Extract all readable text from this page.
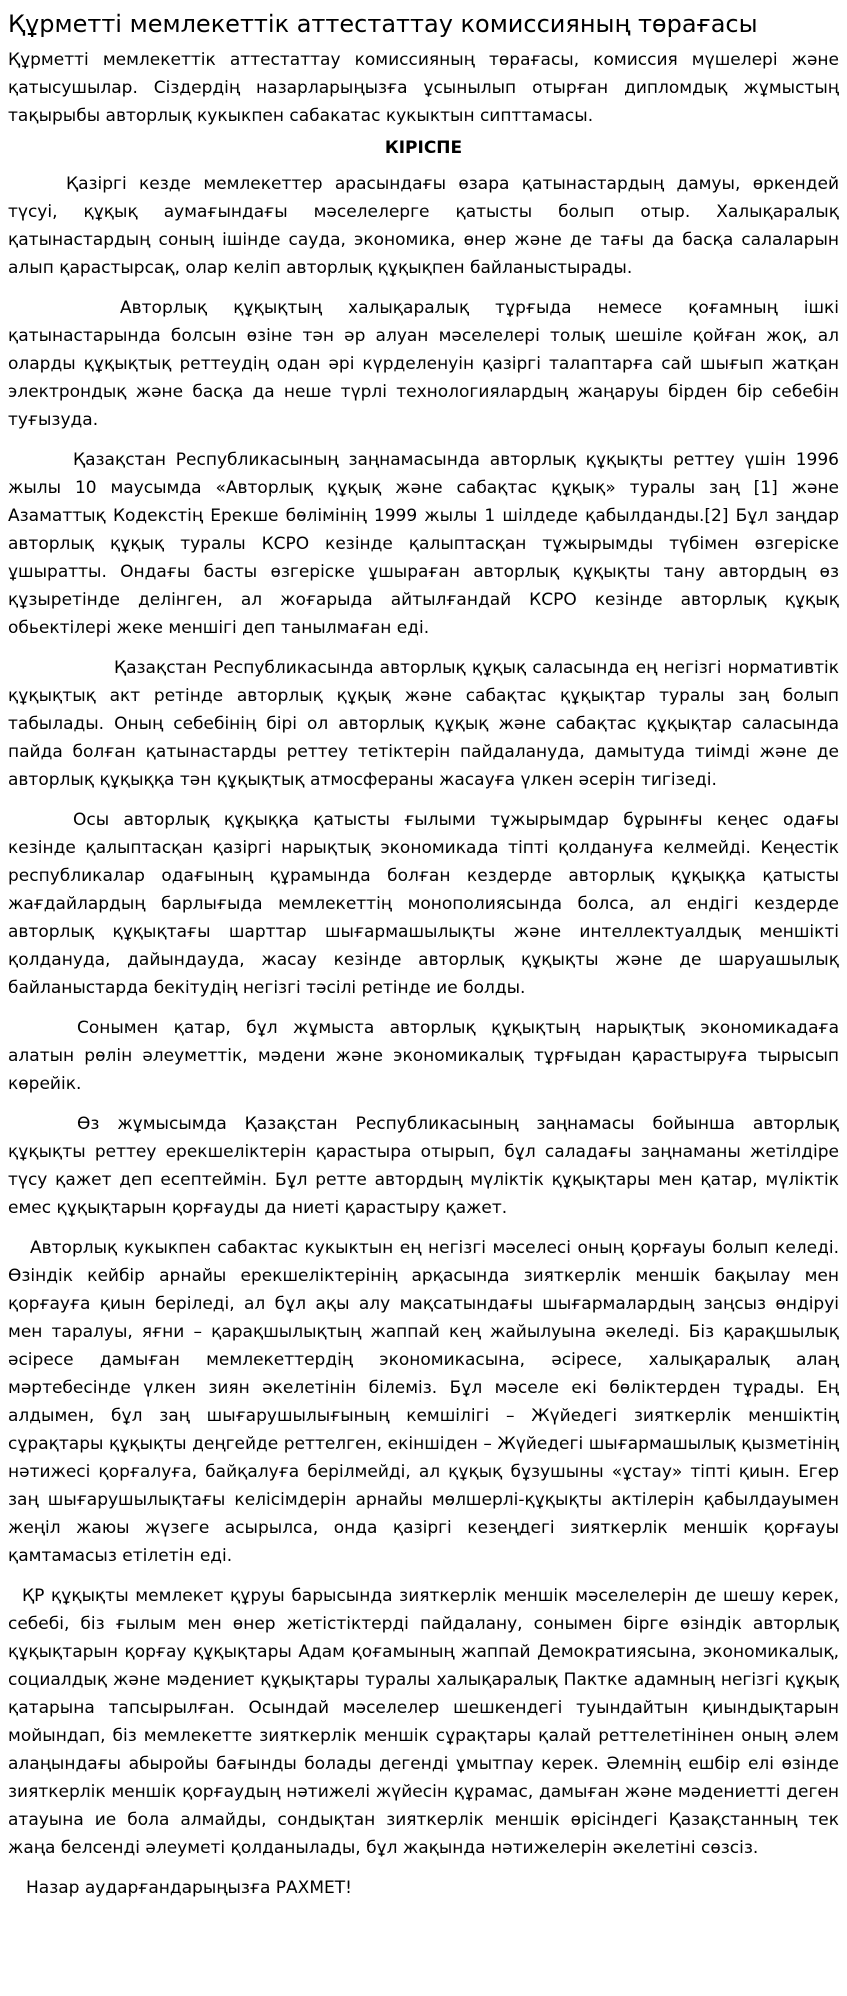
Құрметті мемлекеттік аттестаттау комиссияның төрағасы

Құрметті мемлекеттік аттестаттау комиссияның төрағасы, комиссия мүшелері және қатысушылар. Сіздердің назарларыңызға ұсынылып отырған дипломдық жұмыстың тақырыбы авторлық кукыкпен сабакатас кукыктын сипттамасы.

КІРІСПЕ

Қазіргі кезде мемлекеттер арасындағы өзара қатынастардың дамуы, өркендей түсуі, құқық аумағындағы мәселелерге қатысты болып отыр. Халықаралық қатынастардың соның ішінде сауда, экономика, өнер және де тағы да басқа салаларын алып қарастырсақ, олар келіп авторлық құқықпен байланыстырады.

Авторлық құқықтың халықаралық тұрғыда немесе қоғамның ішкі қатынастарында болсын өзіне тән әр алуан мәселелері толық шешіле қойған жоқ, ал оларды құқықтық реттеудің одан әрі күрделенуін қазіргі талаптарға сай шығып жатқан электрондық және басқа да неше түрлі технологиялардың жаңаруы бірден бір себебін туғызуда.

Қазақстан Республикасының заңнамасында авторлық құқықты реттеу үшін 1996 жылы 10 маусымда «Авторлық құқық және сабақтас құқық» туралы заң [1] және Азаматтық Кодекстің Ерекше бөлімінің 1999 жылы 1 шілдеде қабылданды.[2] Бұл заңдар авторлық құқық туралы КСРО кезінде қалыптасқан тұжырымды түбімен өзгеріске ұшыратты. Ондағы басты өзгеріске ұшыраған авторлық құқықты тану автордың өз құзыретінде делінген, ал жоғарыда айтылғандай КСРО кезінде авторлық құқық обьектілері жеке меншігі деп танылмаған еді.

Қазақстан Республикасында авторлық құқық саласында ең негізгі нормативтік құқықтық акт ретінде авторлық құқық және сабақтас құқықтар туралы заң болып табылады. Оның себебінің бірі ол авторлық құқық және сабақтас құқықтар саласында пайда болған қатынастарды реттеу тетіктерін пайдалануда, дамытуда тиімді және де авторлық құқыққа тән құқықтық атмосфераны жасауға үлкен әсерін тигізеді.

Осы авторлық құқыққа қатысты ғылыми тұжырымдар бұрынғы кеңес одағы кезінде қалыптасқан қазіргі нарықтық экономикада тіпті қолдануға келмейді. Кеңестік республикалар одағының құрамында болған кездерде авторлық құқыққа қатысты жағдайлардың барлығыда мемлекеттің монополиясында болса, ал ендігі кездерде авторлық құқықтағы шарттар шығармашылықты және интеллектуалдық меншікті қолдануда, дайындауда, жасау кезінде авторлық құқықты және де шаруашылық байланыстарда бекітудің негізгі тәсілі ретінде ие болды.

Сонымен қатар, бұл жұмыста авторлық құқықтың нарықтық экономикадаға алатын рөлін әлеуметтік, мәдени және экономикалық тұрғыдан қарастыруға тырысып көрейік.

Өз жұмысымда Қазақстан Республикасының заңнамасы бойынша авторлық құқықты реттеу ерекшеліктерін қарастыра отырып, бұл саладағы заңнаманы жетілдіре түсу қажет деп есептеймін. Бұл ретте автордың мүліктік құқықтары мен қатар, мүліктік емес құқықтарын қорғауды да ниеті қарастыру қажет.

Авторлық кукыкпен сабактас кукыктын ең негізгі мәселесі оның қорғауы болып келеді. Өзіндік кейбір арнайы ерекшеліктерінің арқасында зияткерлік меншік бақылау мен қорғауға қиын беріледі, ал бұл ақы алу мақсатындағы шығармалардың заңсыз өндіруі мен таралуы, яғни – қарақшылықтың жаппай кең жайылуына әкеледі. Біз қарақшылық әсіресе дамыған мемлекеттердің экономикасына, әсіресе, халықаралық алаң мәртебесінде үлкен зиян әкелетінін білеміз. Бұл мәселе екі бөліктерден тұрады. Ең алдымен, бұл заң шығарушылығының кемшілігі – Жүйедегі зияткерлік меншіктің сұрақтары құқықты деңгейде реттелген, екіншіден – Жүйедегі шығармашылық қызметінің нәтижесі қорғалуға, байқалуға берілмейді, ал құқық бұзушыны «ұстау» тіпті қиын. Егер заң шығарушылықтағы келісімдерін арнайы мөлшерлі-құқықты актілерін қабылдауымен жеңіл жаюы жүзеге асырылса, онда қазіргі кезеңдегі зияткерлік меншік қорғауы қамтамасыз етілетін еді.

ҚР құқықты мемлекет құруы барысында зияткерлік меншік мәселелерін де шешу керек, себебі, біз ғылым мен өнер жетістіктерді пайдалану, сонымен бірге өзіндік авторлық құқықтарын қорғау құқықтары Адам қоғамының жаппай Демократиясына, экономикалық, социалдық және мәдениет құқықтары туралы халықаралық Пактке адамның негізгі құқық қатарына тапсырылған. Осындай мәселелер шешкендегі туындайтын қиындықтарын мойындап, біз мемлекетте зияткерлік меншік сұрақтары қалай реттелетінінен оның әлем алаңындағы абыройы бағынды болады дегенді ұмытпау керек. Әлемнің ешбір елі өзінде зияткерлік меншік қорғаудың нәтижелі жүйесін құрамас, дамыған және мәдениетті деген атауына ие бола алмайды, сондықтан зияткерлік меншік өрісіндегі Қазақстанның тек жаңа белсенді әлеуметі қолданылады, бұл жақында нәтижелерін әкелетіні сөзсіз.

Назар аударғандарыңызға РАХМЕТ!
